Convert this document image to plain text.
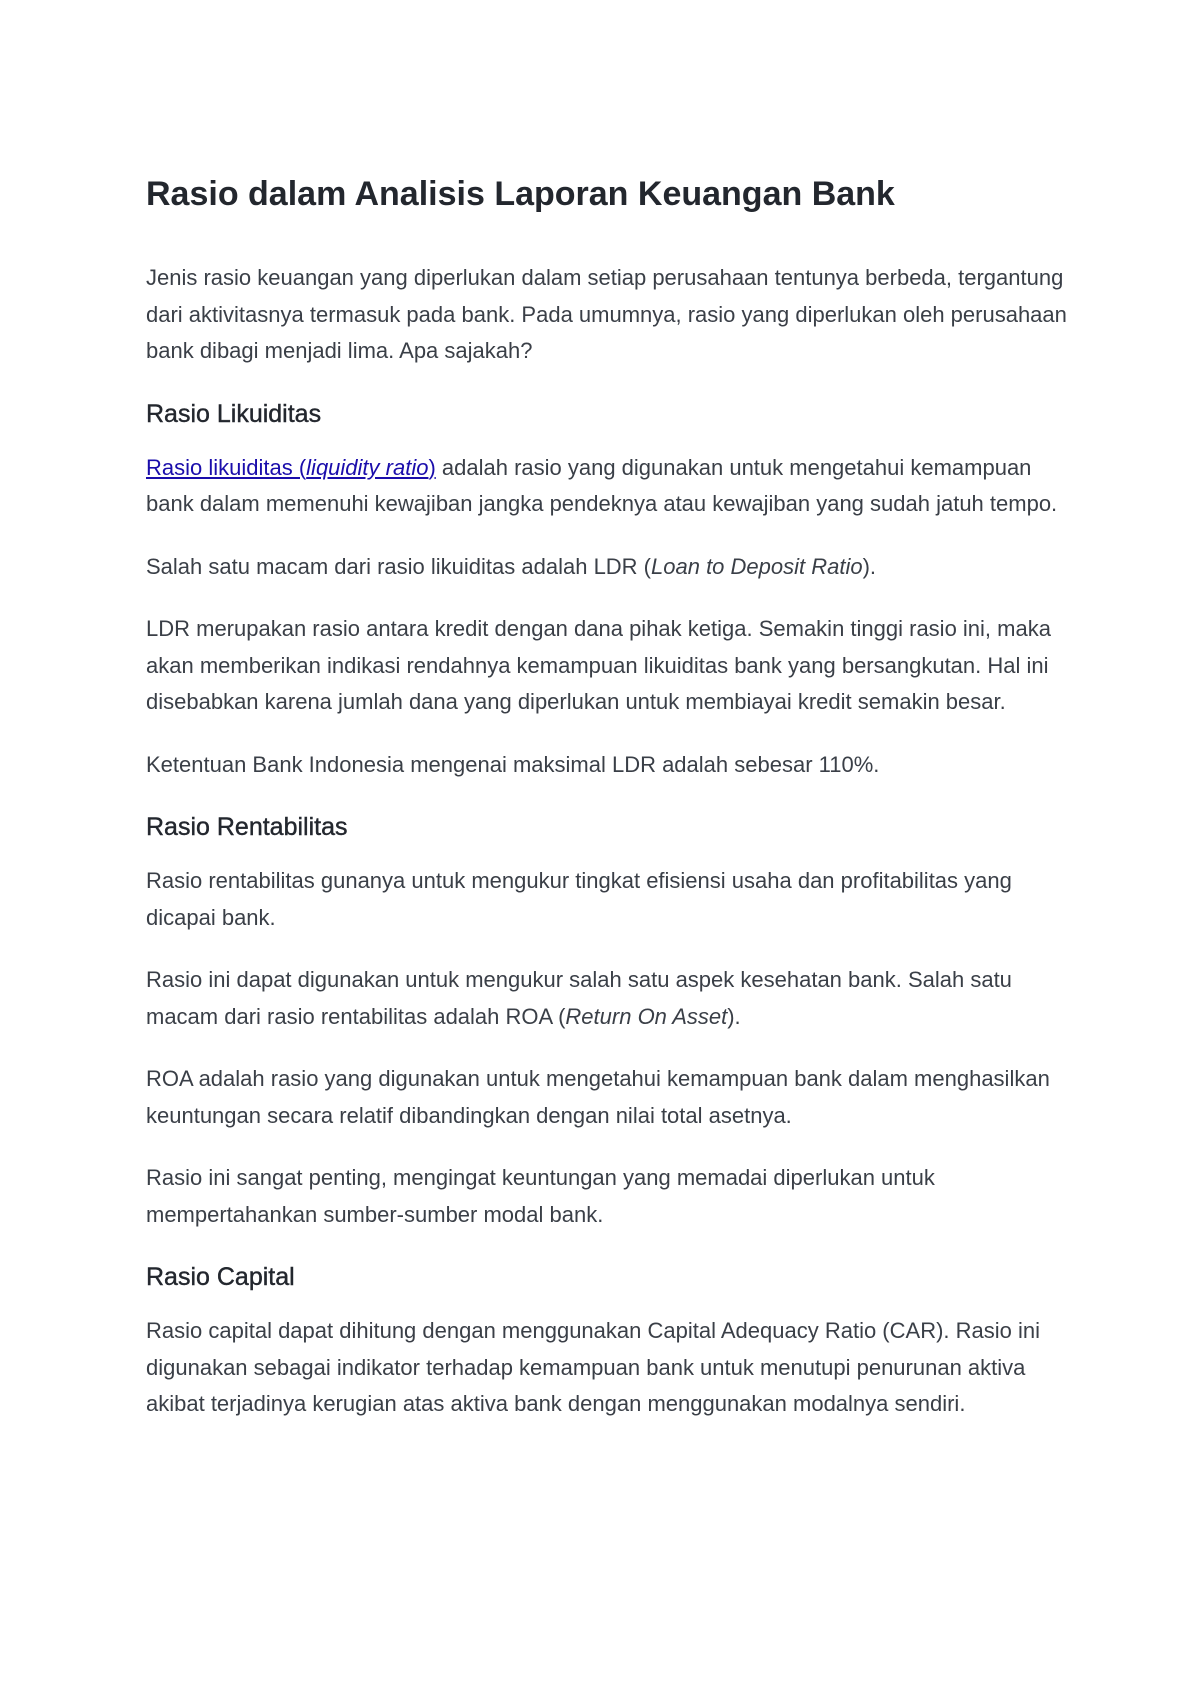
Rasio dalam Analisis Laporan Keuangan Bank

Jenis rasio keuangan yang diperlukan dalam setiap perusahaan tentunya berbeda, tergantung dari aktivitasnya termasuk pada bank. Pada umumnya, rasio yang diperlukan oleh perusahaan bank dibagi menjadi lima. Apa sajakah?

Rasio Likuiditas

Rasio likuiditas (liquidity ratio) adalah rasio yang digunakan untuk mengetahui kemampuan bank dalam memenuhi kewajiban jangka pendeknya atau kewajiban yang sudah jatuh tempo.

Salah satu macam dari rasio likuiditas adalah LDR (Loan to Deposit Ratio).

LDR merupakan rasio antara kredit dengan dana pihak ketiga. Semakin tinggi rasio ini, maka akan memberikan indikasi rendahnya kemampuan likuiditas bank yang bersangkutan. Hal ini disebabkan karena jumlah dana yang diperlukan untuk membiayai kredit semakin besar.

Ketentuan Bank Indonesia mengenai maksimal LDR adalah sebesar 110%.

Rasio Rentabilitas

Rasio rentabilitas gunanya untuk mengukur tingkat efisiensi usaha dan profitabilitas yang dicapai bank.

Rasio ini dapat digunakan untuk mengukur salah satu aspek kesehatan bank. Salah satu macam dari rasio rentabilitas adalah ROA (Return On Asset).

ROA adalah rasio yang digunakan untuk mengetahui kemampuan bank dalam menghasilkan keuntungan secara relatif dibandingkan dengan nilai total asetnya.

Rasio ini sangat penting, mengingat keuntungan yang memadai diperlukan untuk mempertahankan sumber-sumber modal bank.

Rasio Capital

Rasio capital dapat dihitung dengan menggunakan Capital Adequacy Ratio (CAR). Rasio ini digunakan sebagai indikator terhadap kemampuan bank untuk menutupi penurunan aktiva akibat terjadinya kerugian atas aktiva bank dengan menggunakan modalnya sendiri.
